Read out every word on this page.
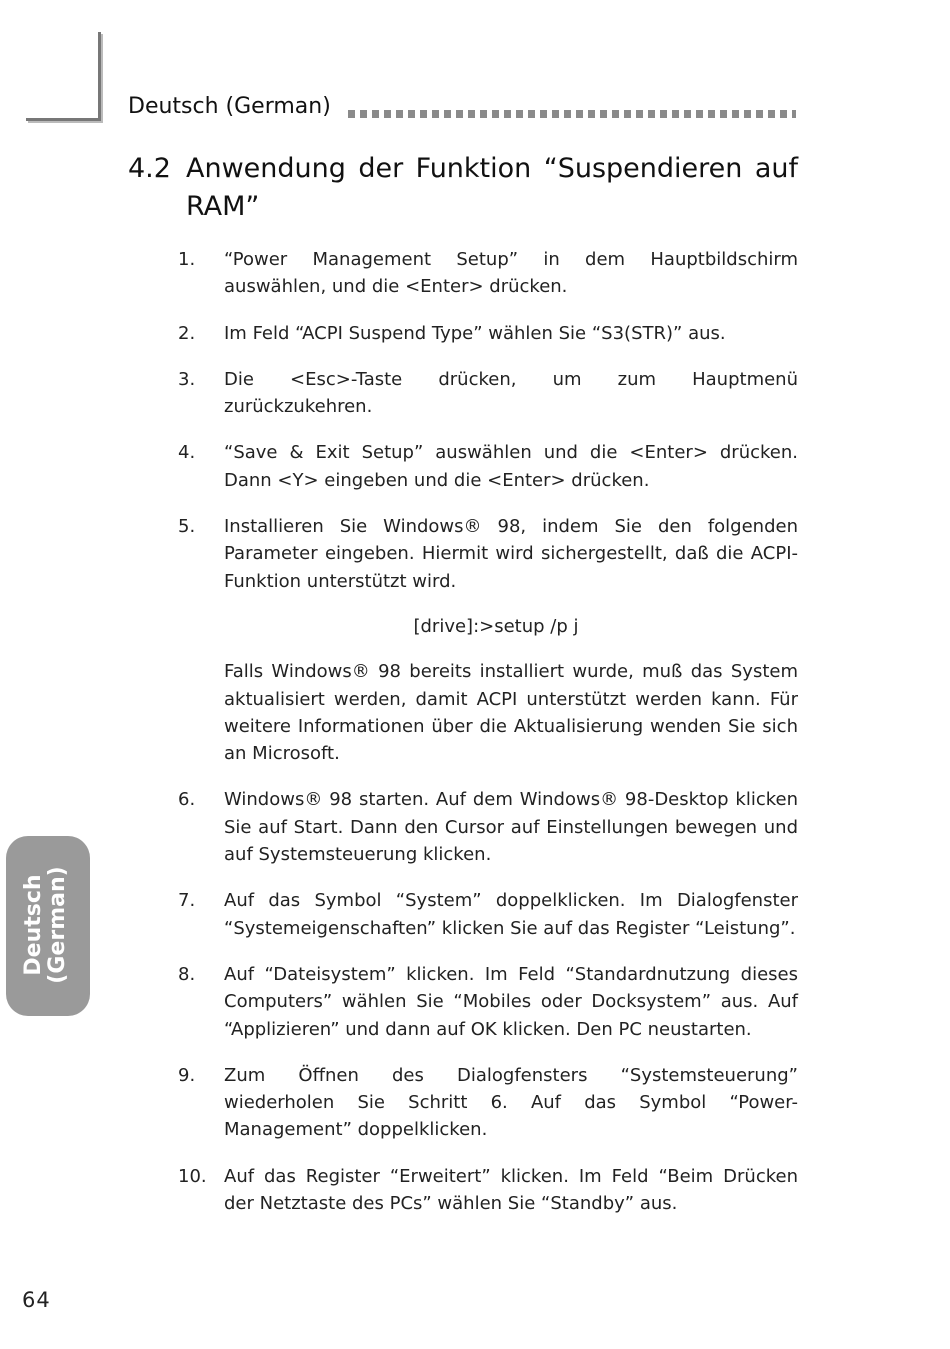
Deutsch (German)
4.2 Anwendung der Funktion “Suspendieren auf RAM”
1. “Power Management Setup” in dem Hauptbildschirm auswählen, und die <Enter> drücken.
2. Im Feld “ACPI Suspend Type” wählen Sie “S3(STR)” aus.
3. Die <Esc>-Taste drücken, um zum Hauptmenü zurückzukehren.
4. “Save & Exit Setup” auswählen und die <Enter> drücken. Dann <Y> eingeben und die <Enter> drücken.
5. Installieren Sie Windows® 98, indem Sie den folgenden Parameter eingeben. Hiermit wird sichergestellt, daß die ACPI-Funktion unterstützt wird.
[drive]:>setup /p j
Falls Windows® 98 bereits installiert wurde, muß das System aktualisiert werden, damit ACPI unterstützt werden kann. Für weitere Informationen über die Aktualisierung wenden Sie sich an Microsoft.
6. Windows® 98 starten. Auf dem Windows® 98-Desktop klicken Sie auf Start. Dann den Cursor auf Einstellungen bewegen und auf Systemsteuerung klicken.
7. Auf das Symbol “System” doppelklicken. Im Dialogfenster “Systemeigenschaften” klicken Sie auf das Register “Leistung”.
8. Auf “Dateisystem” klicken. Im Feld “Standardnutzung dieses Computers” wählen Sie “Mobiles oder Docksystem” aus. Auf “Applizieren” und dann auf OK klicken. Den PC neustarten.
9. Zum Öffnen des Dialogfensters “Systemsteuerung” wiederholen Sie Schritt 6. Auf das Symbol “Power-Management” doppelklicken.
10. Auf das Register “Erweitert” klicken. Im Feld “Beim Drücken der Netztaste des PCs” wählen Sie “Standby” aus.
Deutsch (German)
64
